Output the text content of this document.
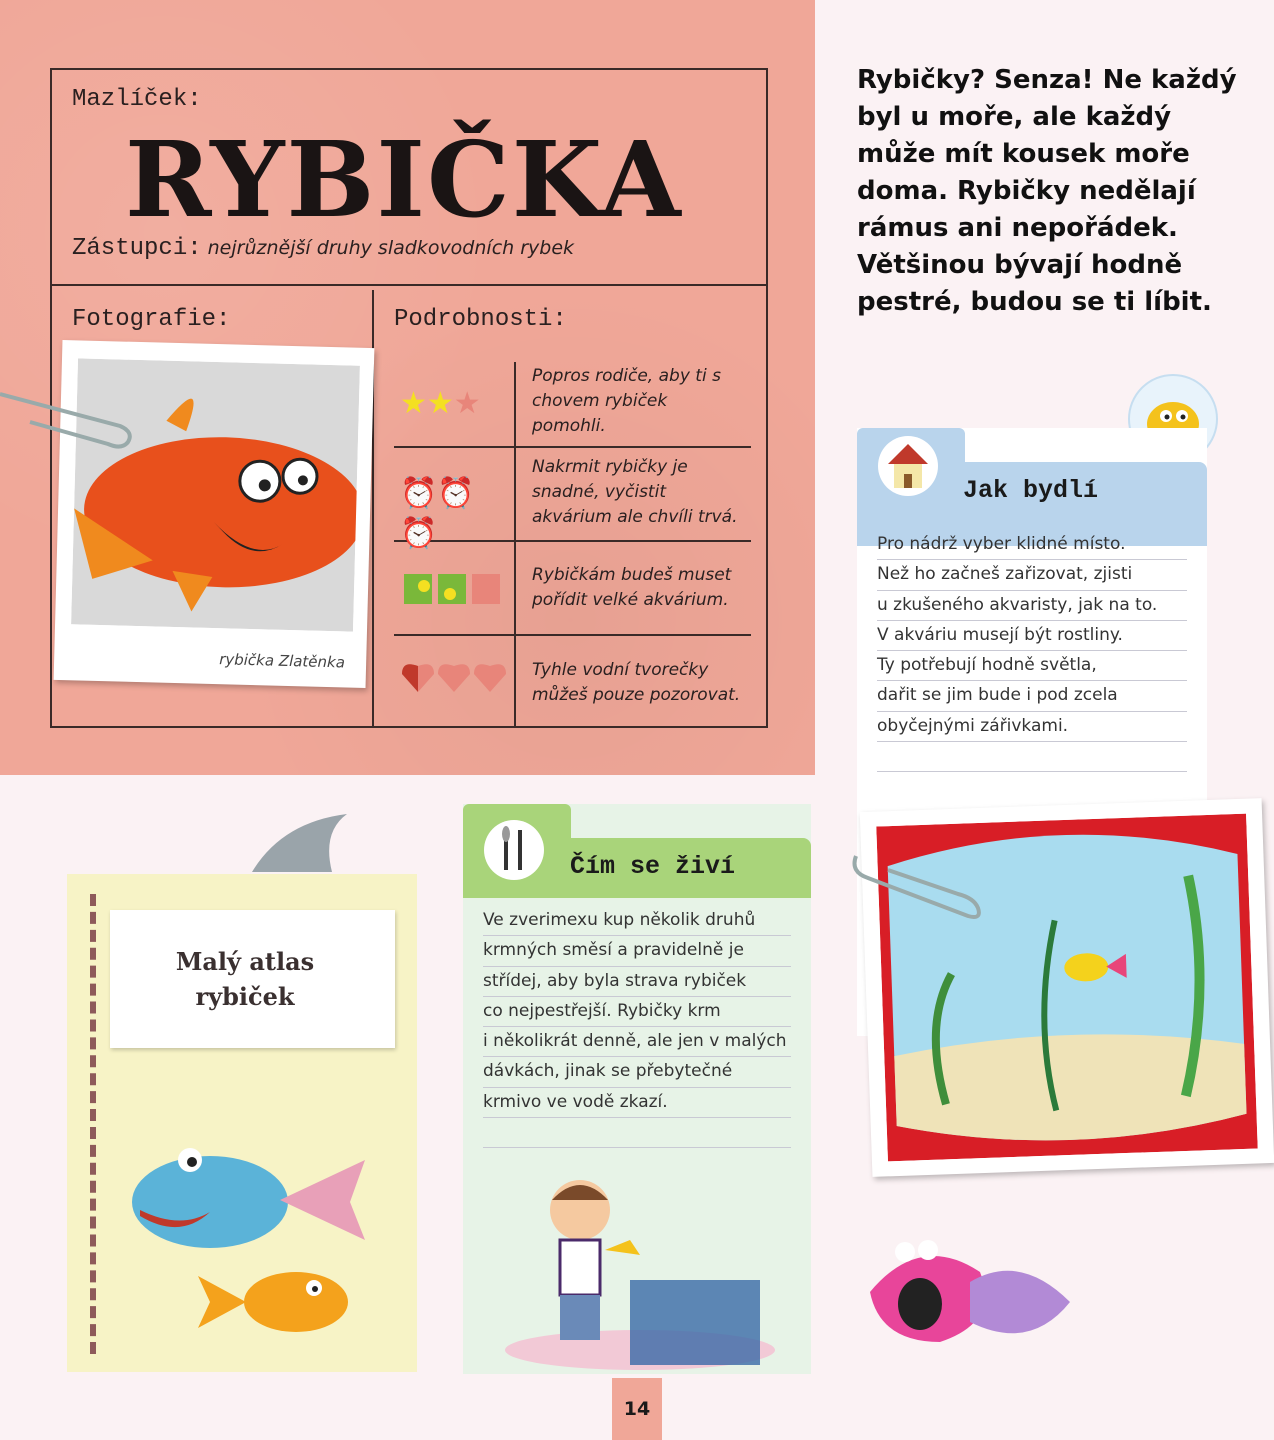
Mazlíček:
RYBIČKA
Zástupci: nejrůznější druhy sladkovodních rybek
Fotografie:	Podrobnosti:
rybička Zlatěnka
★★★
⏰⏰⏰
Popros rodiče, aby ti s chovem rybiček pomohli.
Nakrmit rybičky je snadné, vyčistit akvárium ale chvíli trvá.
Rybičkám budeš muset pořídit velké akvárium.
Tyhle vodní tvorečky můžeš pouze pozorovat.
Rybičky? Senza! Ne každý byl u moře, ale každý může mít kousek moře doma. Rybičky nedělají rámus ani nepořádek. Většinou bývají hodně pestré, budou se ti líbit.
Jak bydlí
Pro nádrž vyber klidné místo.
Než ho začneš zařizovat, zjisti
u zkušeného akvaristy, jak na to.
V akváriu musejí být rostliny.
Ty potřebují hodně světla,
dařit se jim bude i pod zcela
obyčejnými zářivkami.
Malý atlas
rybiček
Čím se živí
Ve zverimexu kup několik druhů
krmných směsí a pravidelně je
střídej, aby byla strava rybiček
co nejpestřejší. Rybičky krm
i několikrát denně, ale jen v malých
dávkách, jinak se přebytečné
krmivo ve vodě zkazí.
14
